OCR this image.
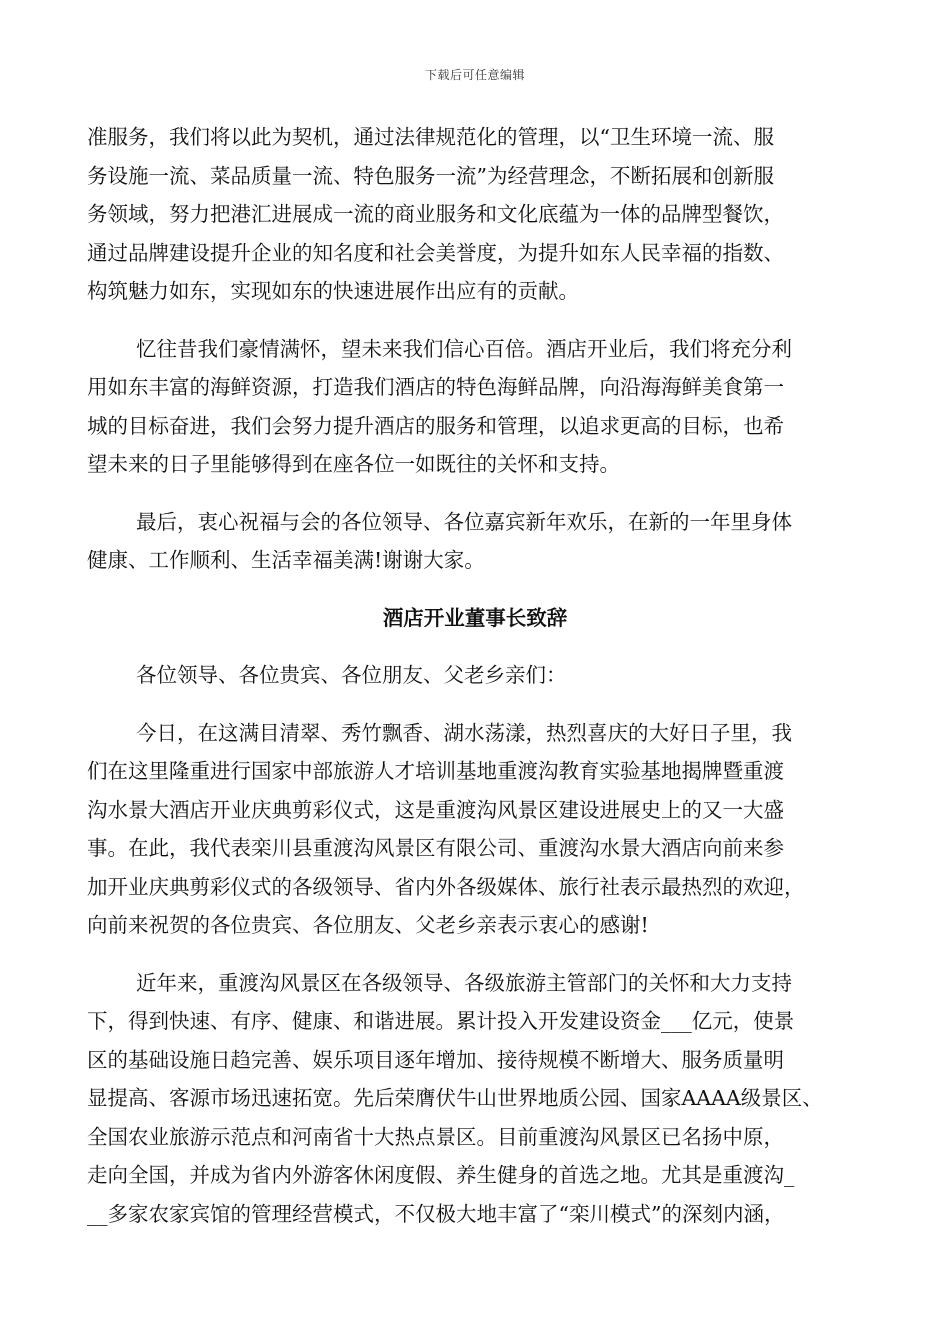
下载后可任意编辑
准服务，我们将以此为契机，通过法律规范化的管理，以“卫生环境一流、服
务设施一流、菜品质量一流、特色服务一流”为经营理念，不断拓展和创新服
务领域，努力把港汇进展成一流的商业服务和文化底蕴为一体的品牌型餐饮，
通过品牌建设提升企业的知名度和社会美誉度，为提升如东人民幸福的指数、
构筑魅力如东，实现如东的快速进展作出应有的贡献。
忆往昔我们豪情满怀，望未来我们信心百倍。酒店开业后，我们将充分利
用如东丰富的海鲜资源，打造我们酒店的特色海鲜品牌，向沿海海鲜美食第一
城的目标奋进，我们会努力提升酒店的服务和管理，以追求更高的目标，也希
望未来的日子里能够得到在座各位一如既往的关怀和支持。
最后，衷心祝福与会的各位领导、各位嘉宾新年欢乐，在新的一年里身体
健康、工作顺利、生活幸福美满!谢谢大家。
酒店开业董事长致辞
各位领导、各位贵宾、各位朋友、父老乡亲们：
今日，在这满目清翠、秀竹飘香、湖水荡漾，热烈喜庆的大好日子里，我
们在这里隆重进行国家中部旅游人才培训基地重渡沟教育实验基地揭牌暨重渡
沟水景大酒店开业庆典剪彩仪式，这是重渡沟风景区建设进展史上的又一大盛
事。在此，我代表栾川县重渡沟风景区有限公司、重渡沟水景大酒店向前来参
加开业庆典剪彩仪式的各级领导、省内外各级媒体、旅行社表示最热烈的欢迎，
向前来祝贺的各位贵宾、各位朋友、父老乡亲表示衷心的感谢!
近年来，重渡沟风景区在各级领导、各级旅游主管部门的关怀和大力支持
下，得到快速、有序、健康、和谐进展。累计投入开发建设资金___亿元，使景
区的基础设施日趋完善、娱乐项目逐年增加、接待规模不断增大、服务质量明
显提高、客源市场迅速拓宽。先后荣膺伏牛山世界地质公园、国家AAAA级景区、
全国农业旅游示范点和河南省十大热点景区。目前重渡沟风景区已名扬中原，
走向全国，并成为省内外游客休闲度假、养生健身的首选之地。尤其是重渡沟_
__多家农家宾馆的管理经营模式，不仅极大地丰富了“栾川模式”的深刻内涵，
